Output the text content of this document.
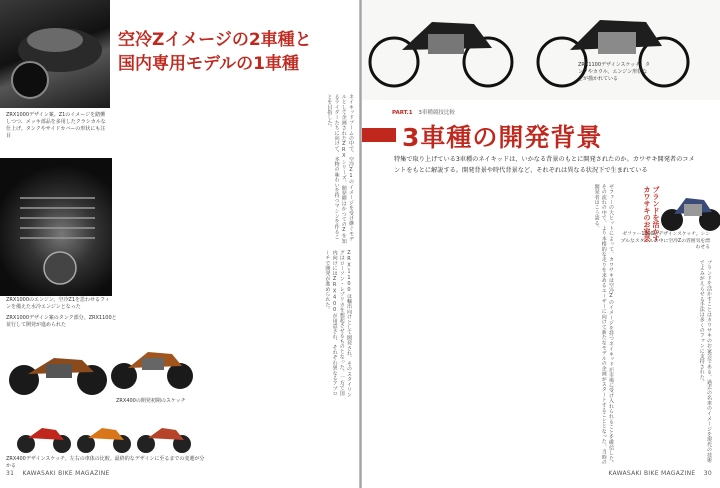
ZRX1000デザイン案。Z1のイメージを踏襲しつつ、メッキ部品を多用したクラシカルな仕上げ。タンクやサイドカバーの形状にも注目
空冷Zイメージの2車種と
国内専用モデルの1車種
ネイキッドブームの中で、空冷Z1のイメージを受け継ぐモデルとして企画されたZRXシリーズ。開発陣はかつてのZを知るライダーたちに向けて、本物の味わいを持つマシンを作ることを目指した。
ZRX1100は輸出向けとして開発され、そのスタイリングはローソン・レプリカを想起させるものとなった。一方で国内向けにはZRX400が用意され、それぞれ異なるアプローチで開発が進められた。
ZRX1000のエンジン。空冷Z1を思わせるフィンを備えた水冷エンジンとなった
ZRX1000デザイン案のタンク部分。ZRX1100と並行して開発が進められた
ZRX400の開発初期のスケッチ
ZRX400デザインスケッチ。左右の車体の比較。最終的なデザインに至るまでの変遷が分かる
31 KAWASAKI BIKE MAGAZINE
ZRX1100デザインスケッチ。タンクやカウル、エンジン形状などが描かれている
PART.1 3車種競技比較
3車種の開発背景
特集で取り上げている3車種のネイキッドは、いかなる背景のもとに開発されたのか。カワサキ開発者のコメントをもとに解説する。開発背景や時代背景など、それぞれは異なる状況下で生まれている
ゼファーの大ヒットによって、カワサキは空冷Zのイメージを持つネイキッドが市場に受け入れられることを確信した。その流れの中で、より本格的な走りを求めるユーザーに向けて新たなモデルの企画がスタートすることとなった。当時の開発者はこう語る。	ブランドを活かすカワサキのお家芸
ゼファー1100のデザインスケッチ。シンプルなスタイルの中に空冷Zの雰囲気を漂わせる
ブランドを活かすことはカワサキのお家芸である。過去の名車のイメージを現代の技術でよみがえらせる手法は多くのファンに支持された。
KAWASAKI BIKE MAGAZINE 30
